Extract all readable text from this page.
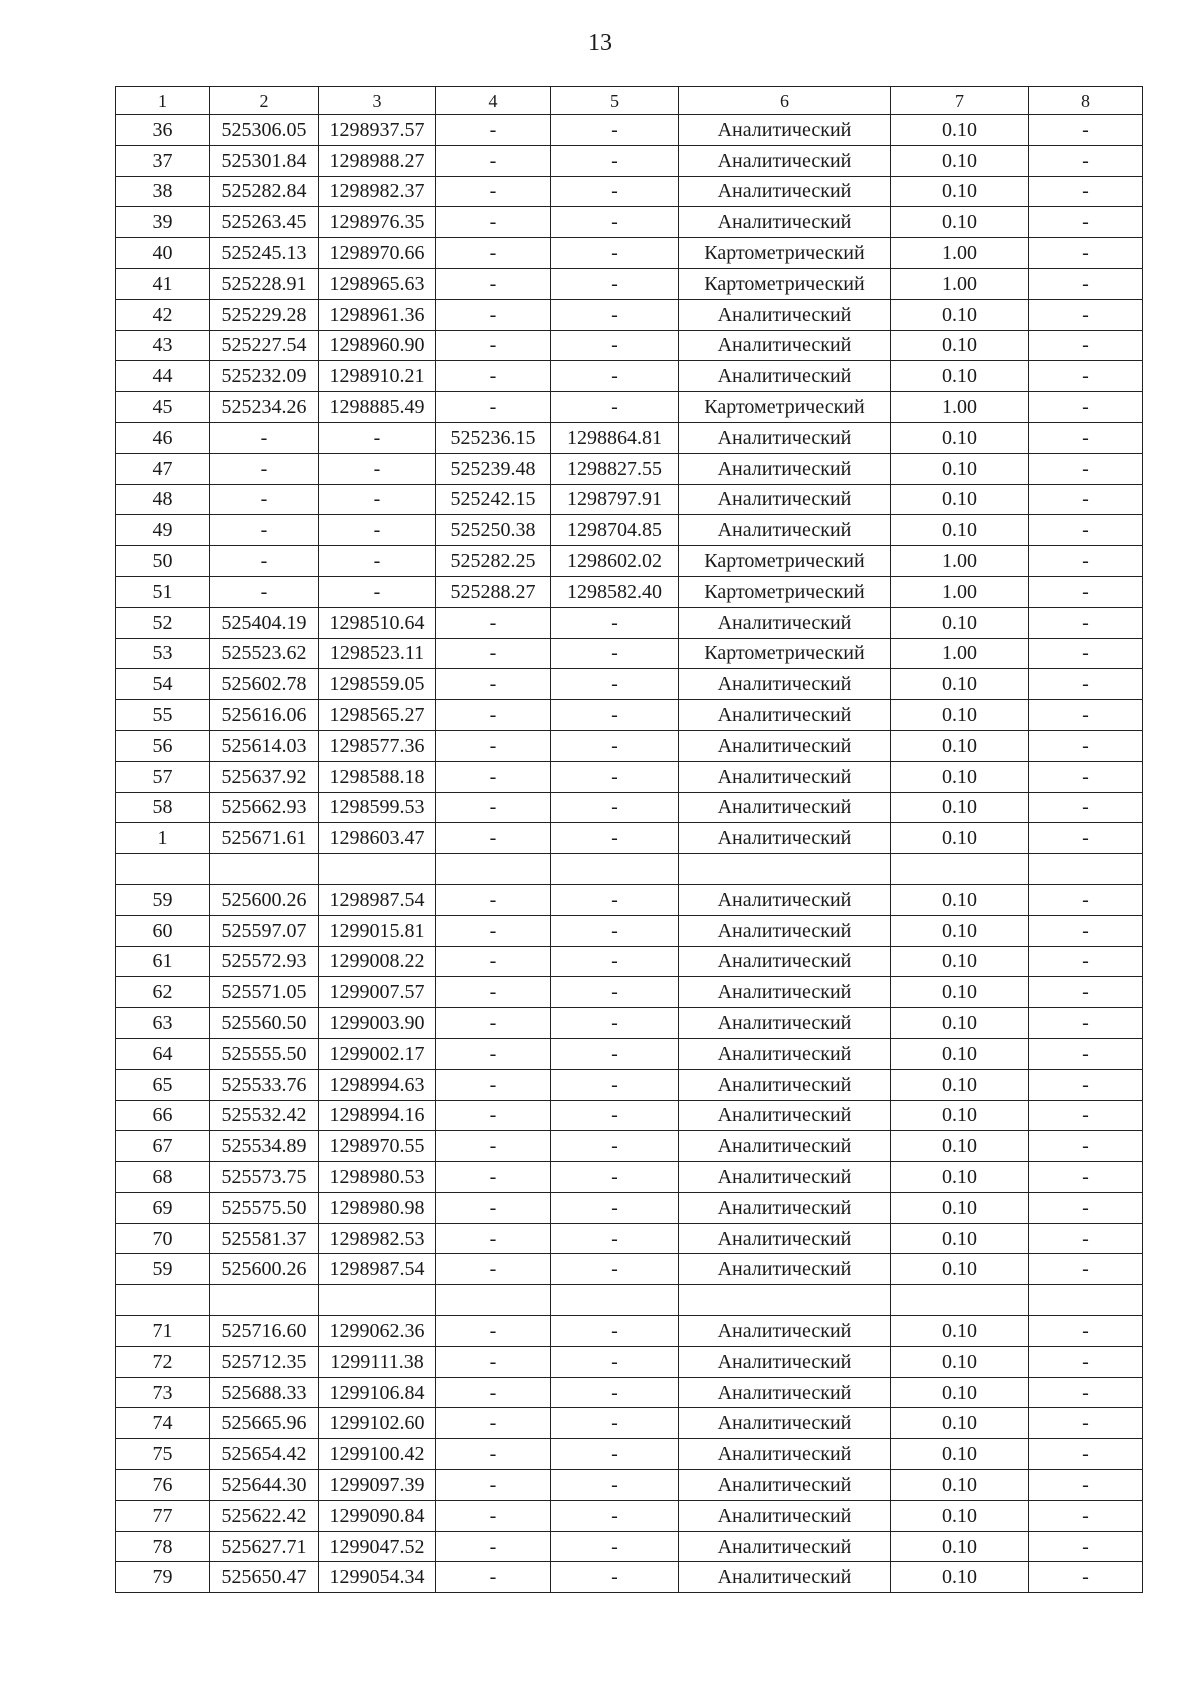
13
1	2	3	4	5	6	7	8
36	525306.05	1298937.57	-	-	Аналитический	0.10	-
37	525301.84	1298988.27	-	-	Аналитический	0.10	-
38	525282.84	1298982.37	-	-	Аналитический	0.10	-
39	525263.45	1298976.35	-	-	Аналитический	0.10	-
40	525245.13	1298970.66	-	-	Картометрический	1.00	-
41	525228.91	1298965.63	-	-	Картометрический	1.00	-
42	525229.28	1298961.36	-	-	Аналитический	0.10	-
43	525227.54	1298960.90	-	-	Аналитический	0.10	-
44	525232.09	1298910.21	-	-	Аналитический	0.10	-
45	525234.26	1298885.49	-	-	Картометрический	1.00	-
46	-	-	525236.15	1298864.81	Аналитический	0.10	-
47	-	-	525239.48	1298827.55	Аналитический	0.10	-
48	-	-	525242.15	1298797.91	Аналитический	0.10	-
49	-	-	525250.38	1298704.85	Аналитический	0.10	-
50	-	-	525282.25	1298602.02	Картометрический	1.00	-
51	-	-	525288.27	1298582.40	Картометрический	1.00	-
52	525404.19	1298510.64	-	-	Аналитический	0.10	-
53	525523.62	1298523.11	-	-	Картометрический	1.00	-
54	525602.78	1298559.05	-	-	Аналитический	0.10	-
55	525616.06	1298565.27	-	-	Аналитический	0.10	-
56	525614.03	1298577.36	-	-	Аналитический	0.10	-
57	525637.92	1298588.18	-	-	Аналитический	0.10	-
58	525662.93	1298599.53	-	-	Аналитический	0.10	-
1	525671.61	1298603.47	-	-	Аналитический	0.10	-

59	525600.26	1298987.54	-	-	Аналитический	0.10	-
60	525597.07	1299015.81	-	-	Аналитический	0.10	-
61	525572.93	1299008.22	-	-	Аналитический	0.10	-
62	525571.05	1299007.57	-	-	Аналитический	0.10	-
63	525560.50	1299003.90	-	-	Аналитический	0.10	-
64	525555.50	1299002.17	-	-	Аналитический	0.10	-
65	525533.76	1298994.63	-	-	Аналитический	0.10	-
66	525532.42	1298994.16	-	-	Аналитический	0.10	-
67	525534.89	1298970.55	-	-	Аналитический	0.10	-
68	525573.75	1298980.53	-	-	Аналитический	0.10	-
69	525575.50	1298980.98	-	-	Аналитический	0.10	-
70	525581.37	1298982.53	-	-	Аналитический	0.10	-
59	525600.26	1298987.54	-	-	Аналитический	0.10	-

71	525716.60	1299062.36	-	-	Аналитический	0.10	-
72	525712.35	1299111.38	-	-	Аналитический	0.10	-
73	525688.33	1299106.84	-	-	Аналитический	0.10	-
74	525665.96	1299102.60	-	-	Аналитический	0.10	-
75	525654.42	1299100.42	-	-	Аналитический	0.10	-
76	525644.30	1299097.39	-	-	Аналитический	0.10	-
77	525622.42	1299090.84	-	-	Аналитический	0.10	-
78	525627.71	1299047.52	-	-	Аналитический	0.10	-
79	525650.47	1299054.34	-	-	Аналитический	0.10	-
